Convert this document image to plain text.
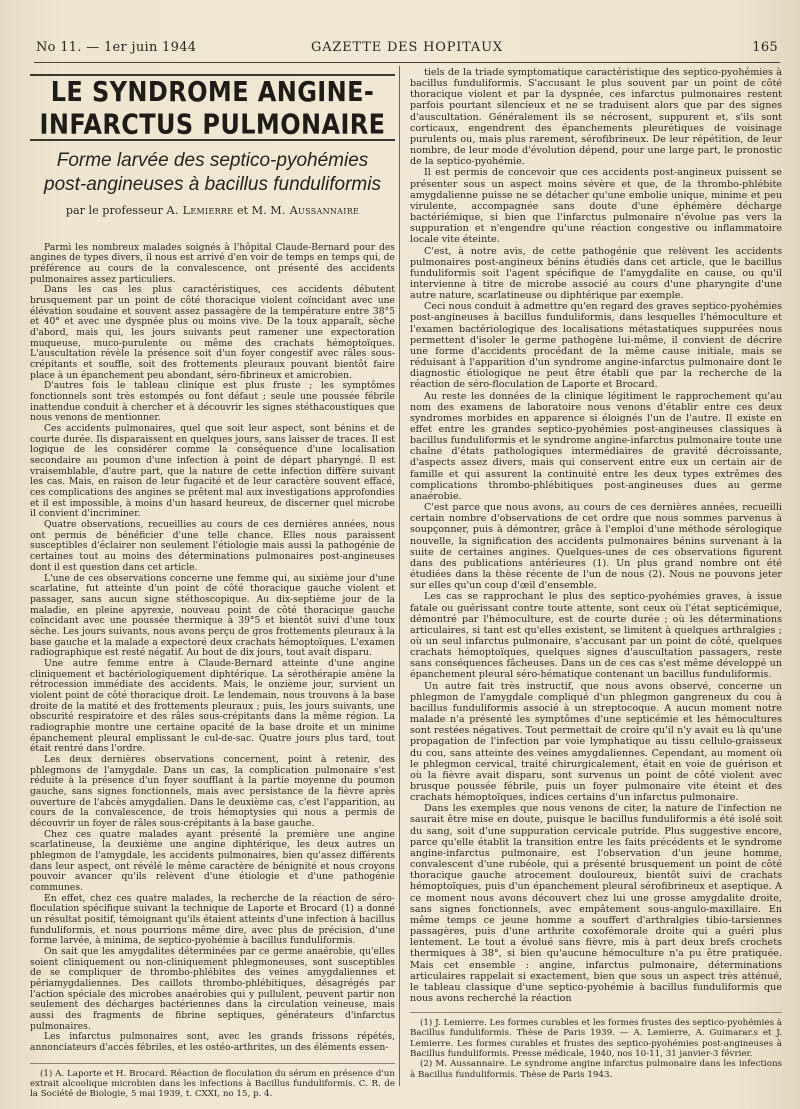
No 11. — 1er juin 1944	GAZETTE DES HOPITAUX	165
LE SYNDROME ANGINE-INFARCTUS PULMONAIRE
Forme larvée des septico-pyohémies
post-angineuses à bacillus funduliformis
par le professeur A. Lemierre et M. M. Aussannaire

Parmi les nombreux malades soignés à l'hôpital Claude-Bernard pour des angines de types divers, il nous est arrivé d'en voir de temps en temps qui, de préférence au cours de la convalescence, ont présenté des accidents pulmonaires assez particuliers.

Dans les cas les plus caractéristiques, ces accidents débutent brusquement par un point de côté thoracique violent coïncidant avec une élévation soudaine et souvent assez passagère de la température entre 38°5 et 40° et avec une dyspnée plus ou moins vive. De la toux apparaît, sèche d'abord, mais qui, les jours suivants peut ramener une expectoration muqueuse, muco-purulente ou même des crachats hémoptoïques. L'auscultation révèle la présence soit d'un foyer congestif avec râles sous-crépitants et souffle, soit des frottements pleuraux pouvant bientôt faire place à un épanchement peu abondant, séro-fibrineux et amicrobien.

D'autres fois le tableau clinique est plus fruste ; les symptômes fonctionnels sont très estompés ou font défaut ; seule une poussée fébrile inattendue conduit à chercher et à découvrir les signes stéthacoustiques que nous venons de mentionner.

Ces accidents pulmonaires, quel que soit leur aspect, sont bénins et de courte durée. Ils disparaissent en quelques jours, sans laisser de traces. Il est logique de les considérer comme la conséquence d'une localisation secondaire au poumon d'une infection à point de départ pharyngé. Il est vraisemblable, d'autre part, que la nature de cette infection diffère suivant les cas. Mais, en raison de leur fugacité et de leur caractère souvent effacé, ces complications des angines se prêtent mal aux investigations approfondies et il est impossible, à moins d'un hasard heureux, de discerner quel microbe il convient d'incriminer.

Quatre observations, recueillies au cours de ces dernières années, nous ont permis de bénéficier d'une telle chance. Elles nous paraissent susceptibles d'éclairer non seulement l'étiologie mais aussi la pathogénie de certaines tout au moins des déterminations pulmonaires post-angineuses dont il est question dans cet article.

L'une de ces observations concerne une femme qui, au sixième jour d'une scarlatine, fut atteinte d'un point de côté thoracique gauche violent et passager, sans aucun signe stéthoscopique. Au dix-septième jour de la maladie, en pleine apyrexie, nouveau point de côté thoracique gauche coïncidant avec une poussée thermique à 39°5 et bientôt suivi d'une toux sèche. Les jours suivants, nous avons perçu de gros frottements pleuraux à la base gauche et la malade a expectoré deux crachats hémoptoïques. L'examen radiographique est resté négatif. Au bout de dix jours, tout avait disparu.

Une autre femme entre à Claude-Bernard atteinte d'une angine cliniquement et bactériologiquement diphtérique. La sérothérapie amène la rétrocession immédiate des accidents. Mais, le onzième jour, survient un violent point de côté thoracique droit. Le lendemain, nous trouvons à la base droite de la matité et des frottements pleuraux ; puis, les jours suivants, une obscurité respiratoire et des râles sous-crépitants dans la même région. La radiographie montre une certaine opacité de la base droite et un minime épanchement pleural emplissant le cul-de-sac. Quatre jours plus tard, tout était rentré dans l'ordre.

Les deux dernières observations concernent, point à retenir, des phlegmons de l'amygdale. Dans un cas, la complication pulmonaire s'est réduite à la présence d'un foyer soufflant à la partie moyenne du poumon gauche, sans signes fonctionnels, mais avec persistance de la fièvre après ouverture de l'abcès amygdalien. Dans le deuxième cas, c'est l'apparition, au cours de la convalescence, de trois hémoptysies qui nous a permis de découvrir un foyer de râles sous-crépitants à la base gauche.

Chez ces quatre malades ayant présenté la première une angine scarlatineuse, la deuxième une angine diphtérique, les deux autres un phlegmon de l'amygdale, les accidents pulmonaires, bien qu'assez différents dans leur aspect, ont révélé le même caractère de bénignité et nous croyons pouvoir avancer qu'ils relèvent d'une étiologie et d'une pathogénie communes.

En effet, chez ces quatre malades, la recherche de la réaction de séro-floculation spécifique suivant la technique de Laporte et Brocard (1) a donné un résultat positif, témoignant qu'ils étaient atteints d'une infection à bacillus funduliformis, et nous pourrions même dire, avec plus de précision, d'une forme larvée, à minima, de septico-pyohémie à bacillus funduliformis.

On sait que les amygdalites déterminées par ce germe anaérobie, qu'elles soient cliniquement ou non-cliniquement phlegmoneuses, sont susceptibles de se compliquer de thrombo-phlébites des veines amygdaliennes et périamygdaliennes. Des caillots thrombo-phlébitiques, désagrégés par l'action spéciale des microbes anaérobies qui y pullulent, peuvent partir non seulement des décharges bactériennes dans la circulation veineuse, mais aussi des fragments de fibrine septiques, générateurs d'infarctus pulmonaires.

Les infarctus pulmonaires sont, avec les grands frissons répétés, annonciateurs d'accès fébriles, et les ostéo-arthrites, un des éléments essen-

(1) A. Laporte et H. Brocard. Réaction de floculation du sérum en présence d'un extrait alcoolique microbien dans les infections à Bacillus funduliformis. C. R. de la Société de Biologie, 5 mai 1939, t. CXXI, no 15, p. 4.

tiels de la triade symptomatique caractéristique des septico-pyohémies à bacillus funduliformis. S'accusant le plus souvent par un point de côté thoracique violent et par la dyspnée, ces infarctus pulmonaires restent parfois pourtant silencieux et ne se traduisent alors que par des signes d'auscultation. Généralement ils se nécrosent, suppurent et, s'ils sont corticaux, engendrent des épanchements pleurétiques de voisinage purulents ou, mais plus rarement, sérofibrineux. De leur répétition, de leur nombre, de leur mode d'évolution dépend, pour une large part, le pronostic de la septico-pyohémie.

Il est permis de concevoir que ces accidents post-angineux puissent se présenter sous un aspect moins sévère et que, de la thrombo-phlébite amygdalienne puisse ne se détacher qu'une embolie unique, minime et peu virulente, accompagnée sans doute d'une éphémère décharge bactériémique, si bien que l'infarctus pulmonaire n'évolue pas vers la suppuration et n'engendre qu'une réaction congestive ou inflammatoire locale vite éteinte.

C'est, à notre avis, de cette pathogénie que relèvent les accidents pulmonaires post-angineux bénins étudiés dans cet article, que le bacillus funduliformis soit l'agent spécifique de l'amygdalite en cause, ou qu'il intervienne à titre de microbe associé au cours d'une pharyngite d'une autre nature, scarlatineuse ou diphtérique par exemple.

Ceci nous conduit à admettre qu'en regard des graves septico-pyohémies post-angineuses à bacillus funduliformis, dans lesquelles l'hémoculture et l'examen bactériologique des localisations métastatiques suppurées nous permettent d'isoler le germe pathogène lui-même, il convient de décrire une forme d'accidents procédant de la même cause initiale, mais se réduisant à l'apparition d'un syndrome angine-infarctus pulmonaire dont le diagnostic étiologique ne peut être établi que par la recherche de la réaction de séro-floculation de Laporte et Brocard.

Au reste les données de la clinique légitiment le rapprochement qu'au nom des examens de laboratoire nous venons d'établir entre ces deux syndromes morbides en apparence si éloignés l'un de l'autre. Il existe en effet entre les grandes septico-pyohémies post-angineuses classiques à bacillus funduliformis et le syndrome angine-infarctus pulmonaire toute une chaîne d'états pathologiques intermédiaires de gravité décroissante, d'aspects assez divers, mais qui conservent entre eux un certain air de famille et qui assurent la continuité entre les deux types extrêmes des complications thrombo-phlébitiques post-angineuses dues au germe anaérobie.

C'est parce que nous avons, au cours de ces dernières années, recueilli certain nombre d'observations de cet ordre que nous sommes parvenus à soupçonner, puis à démontrer, grâce à l'emploi d'une méthode sérologique nouvelle, la signification des accidents pulmonaires bénins survenant à la suite de certaines angines. Quelques-unes de ces observations figurent dans des publications antérieures (1). Un plus grand nombre ont été étudiées dans la thèse récente de l'un de nous (2). Nous ne pouvons jeter sur elles qu'un coup d'œil d'ensemble.

Les cas se rapprochant le plus des septico-pyohémies graves, à issue fatale ou guérissant contre toute attente, sont ceux où l'état septicémique, démontré par l'hémoculture, est de courte durée ; où les déterminations articulaires, si tant est qu'elles existent, se limitent à quelques arthralgies ; où un seul infarctus pulmonaire, s'accusant par un point de côté, quelques crachats hémoptoïques, quelques signes d'auscultation passagers, reste sans conséquences fâcheuses. Dans un de ces cas s'est même développé un épanchement pleural séro-hématique contenant un bacillus funduliformis.

Un autre fait très instructif, que nous avons observé, concerne un phlegmon de l'amygdale compliqué d'un phlegmon gangreneux du cou à bacillus funduliformis associé à un streptocoque. A aucun moment notre malade n'a présenté les symptômes d'une septicémie et les hémocultures sont restées négatives. Tout permettait de croire qu'il n'y avait eu là qu'une propagation de l'infection par voie lymphatique au tissu cellulo-graisseux du cou, sans atteinte des veines amygdaliennes. Cependant, au moment où le phlegmon cervical, traité chirurgicalement, était en voie de guérison et où la fièvre avait disparu, sont survenus un point de côté violent avec brusque poussée fébrile, puis un foyer pulmonaire vite éteint et des crachats hémoptoïques, indices certains d'un infarctus pulmonaire.

Dans les exemples que nous venons de citer, la nature de l'infection ne saurait être mise en doute, puisque le bacillus funduliformis a été isolé soit du sang, soit d'une suppuration cervicale putride. Plus suggestive encore, parce qu'elle établit la transition entre les faits précédents et le syndrome angine-infarctus pulmonaire, est l'observation d'un jeune homme, convalescent d'une rubéole, qui a présenté brusquement un point de côté thoracique gauche atrocement douloureux, bientôt suivi de crachats hémoptoïques, puis d'un épanchement pleural sérofibrineux et aseptique. A ce moment nous avons découvert chez lui une grosse amygdalite droite, sans signes fonctionnels, avec empâtement sous-angulo-maxillaire. En même temps ce jeune homme a souffert d'arthralgies tibio-tarsiennes passagères, puis d'une arthrite coxofémorale droite qui a guéri plus lentement. Le tout a évolué sans fièvre, mis à part deux brefs crochets thermiques à 38°, si bien qu'aucune hémoculture n'a pu être pratiquée. Mais cet ensemble : angine, infarctus pulmonaire, déterminations articulaires rappelait si exactement, bien que sous un aspect très atténué, le tableau classique d'une septico-pyohémie à bacillus funduliformis que nous avons recherché la réaction

(1) J. Lemierre. Les formes curables et les formes frustes des septico-pyohémies à Bacillus funduliformis. Thèse de Paris 1939. — A. Lemierre, A. Guimarar.s et J. Lemierre. Les formes curables et frustes des septico-pyohémies post-angineuses à Bacillus funduliformis. Presse médicale, 1940, nos 10-11, 31 janvier-3 février.

(2) M. Aussannaire. Le syndrome angine infarctus pulmonaire dans les infections à Bacillus funduliformis. Thèse de Paris 1943.
